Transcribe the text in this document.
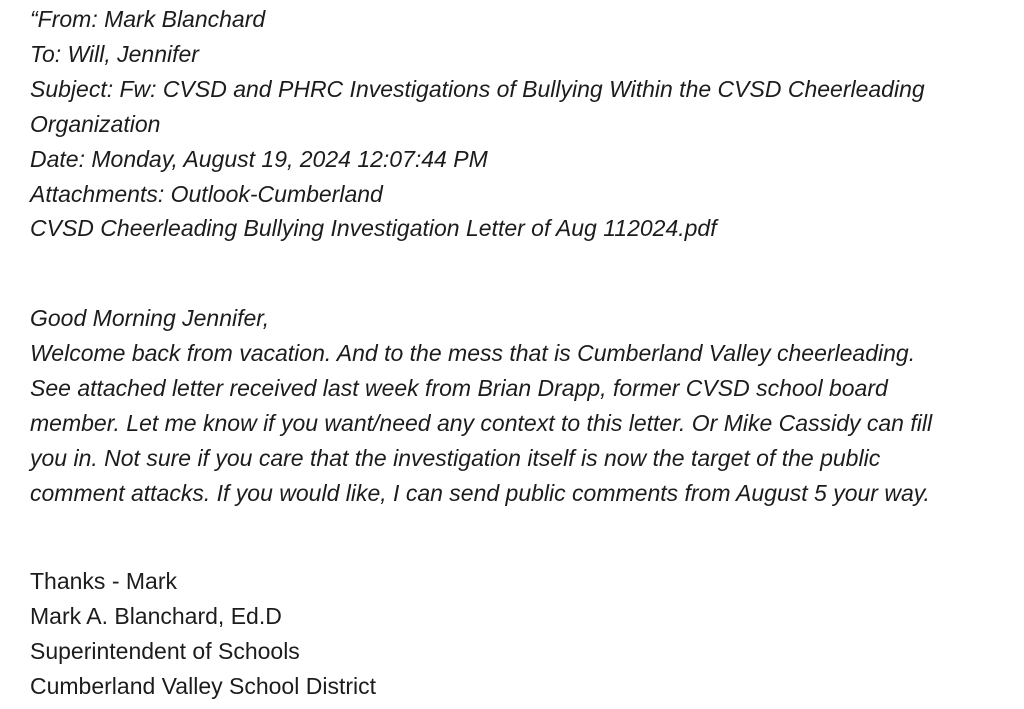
“From: Mark Blanchard
To: Will, Jennifer
Subject: Fw: CVSD and PHRC Investigations of Bullying Within the CVSD Cheerleading
Organization
Date: Monday, August 19, 2024 12:07:44 PM
Attachments: Outlook-Cumberland
CVSD Cheerleading Bullying Investigation Letter of Aug 112024.pdf
Good Morning Jennifer,
Welcome back from vacation. And to the mess that is Cumberland Valley cheerleading.
See attached letter received last week from Brian Drapp, former CVSD school board
member. Let me know if you want/need any context to this letter. Or Mike Cassidy can fill
you in. Not sure if you care that the investigation itself is now the target of the public
comment attacks. If you would like, I can send public comments from August 5 your way.
Thanks - Mark
Mark A. Blanchard, Ed.D
Superintendent of Schools
Cumberland Valley School District
